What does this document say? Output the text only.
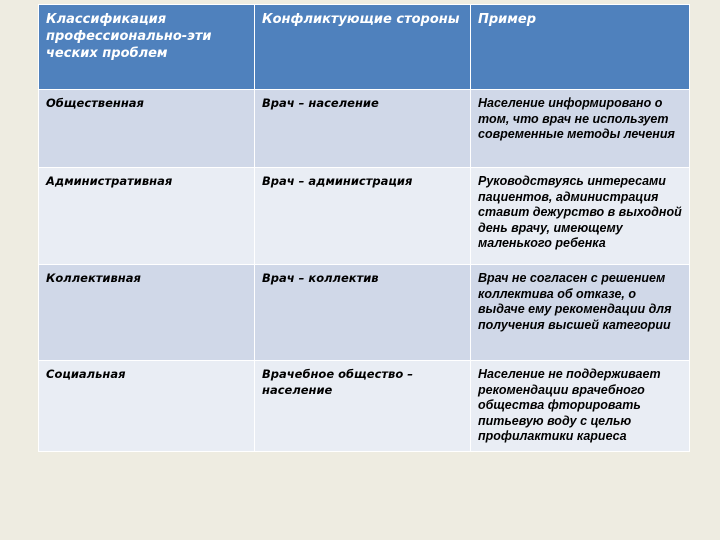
Классификация профессионально-эти ческих проблем	Конфликтующие стороны	Пример
Общественная	Врач – население	Население информировано о том, что врач не использует современные методы лечения
Административная	Врач – администрация	Руководствуясь интересами пациентов, администрация ставит дежурство в выходной день врачу, имеющему маленького ребенка
Коллективная	Врач – коллектив	Врач не согласен с решением коллектива об отказе, о выдаче ему рекомендации для получения высшей категории
Социальная	Врачебное общество – население	Население не поддерживает рекомендации врачебного общества фторировать питьевую воду с целью профилактики кариеса
